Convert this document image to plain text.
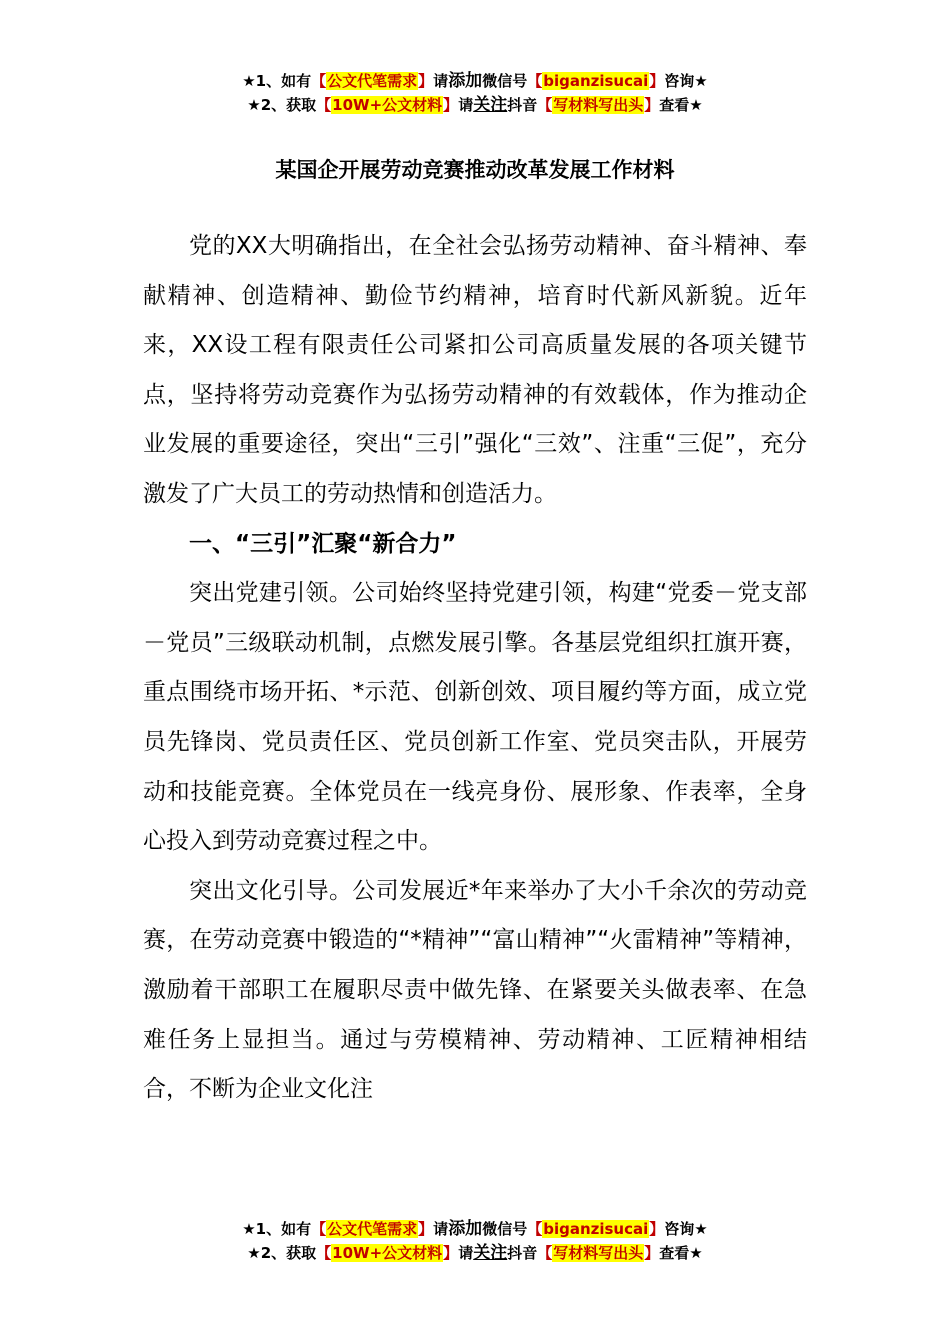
★1、如有【公文代笔需求】请添加微信号【biganzisucai】咨询★
★2、获取【10W+公文材料】请关注抖音【写材料写出头】查看★
某国企开展劳动竞赛推动改革发展工作材料

党的XX大明确指出，在全社会弘扬劳动精神、奋斗精神、奉献精神、创造精神、勤俭节约精神，培育时代新风新貌。近年来，XX设工程有限责任公司紧扣公司高质量发展的各项关键节点，坚持将劳动竞赛作为弘扬劳动精神的有效载体，作为推动企业发展的重要途径，突出“三引”强化“三效”、注重“三促”，充分激发了广大员工的劳动热情和创造活力。

一、“三引”汇聚“新合力”

突出党建引领。公司始终坚持党建引领，构建“党委－党支部－党员”三级联动机制，点燃发展引擎。各基层党组织扛旗开赛，重点围绕市场开拓、*示范、创新创效、项目履约等方面，成立党员先锋岗、党员责任区、党员创新工作室、党员突击队，开展劳动和技能竞赛。全体党员在一线亮身份、展形象、作表率，全身心投入到劳动竞赛过程之中。

突出文化引导。公司发展近*年来举办了大小千余次的劳动竞赛，在劳动竞赛中锻造的“*精神”“富山精神”“火雷精神”等精神，激励着干部职工在履职尽责中做先锋、在紧要关头做表率、在急难任务上显担当。通过与劳模精神、劳动精神、工匠精神相结合，不断为企业文化注

★1、如有【公文代笔需求】请添加微信号【biganzisucai】咨询★
★2、获取【10W+公文材料】请关注抖音【写材料写出头】查看★
